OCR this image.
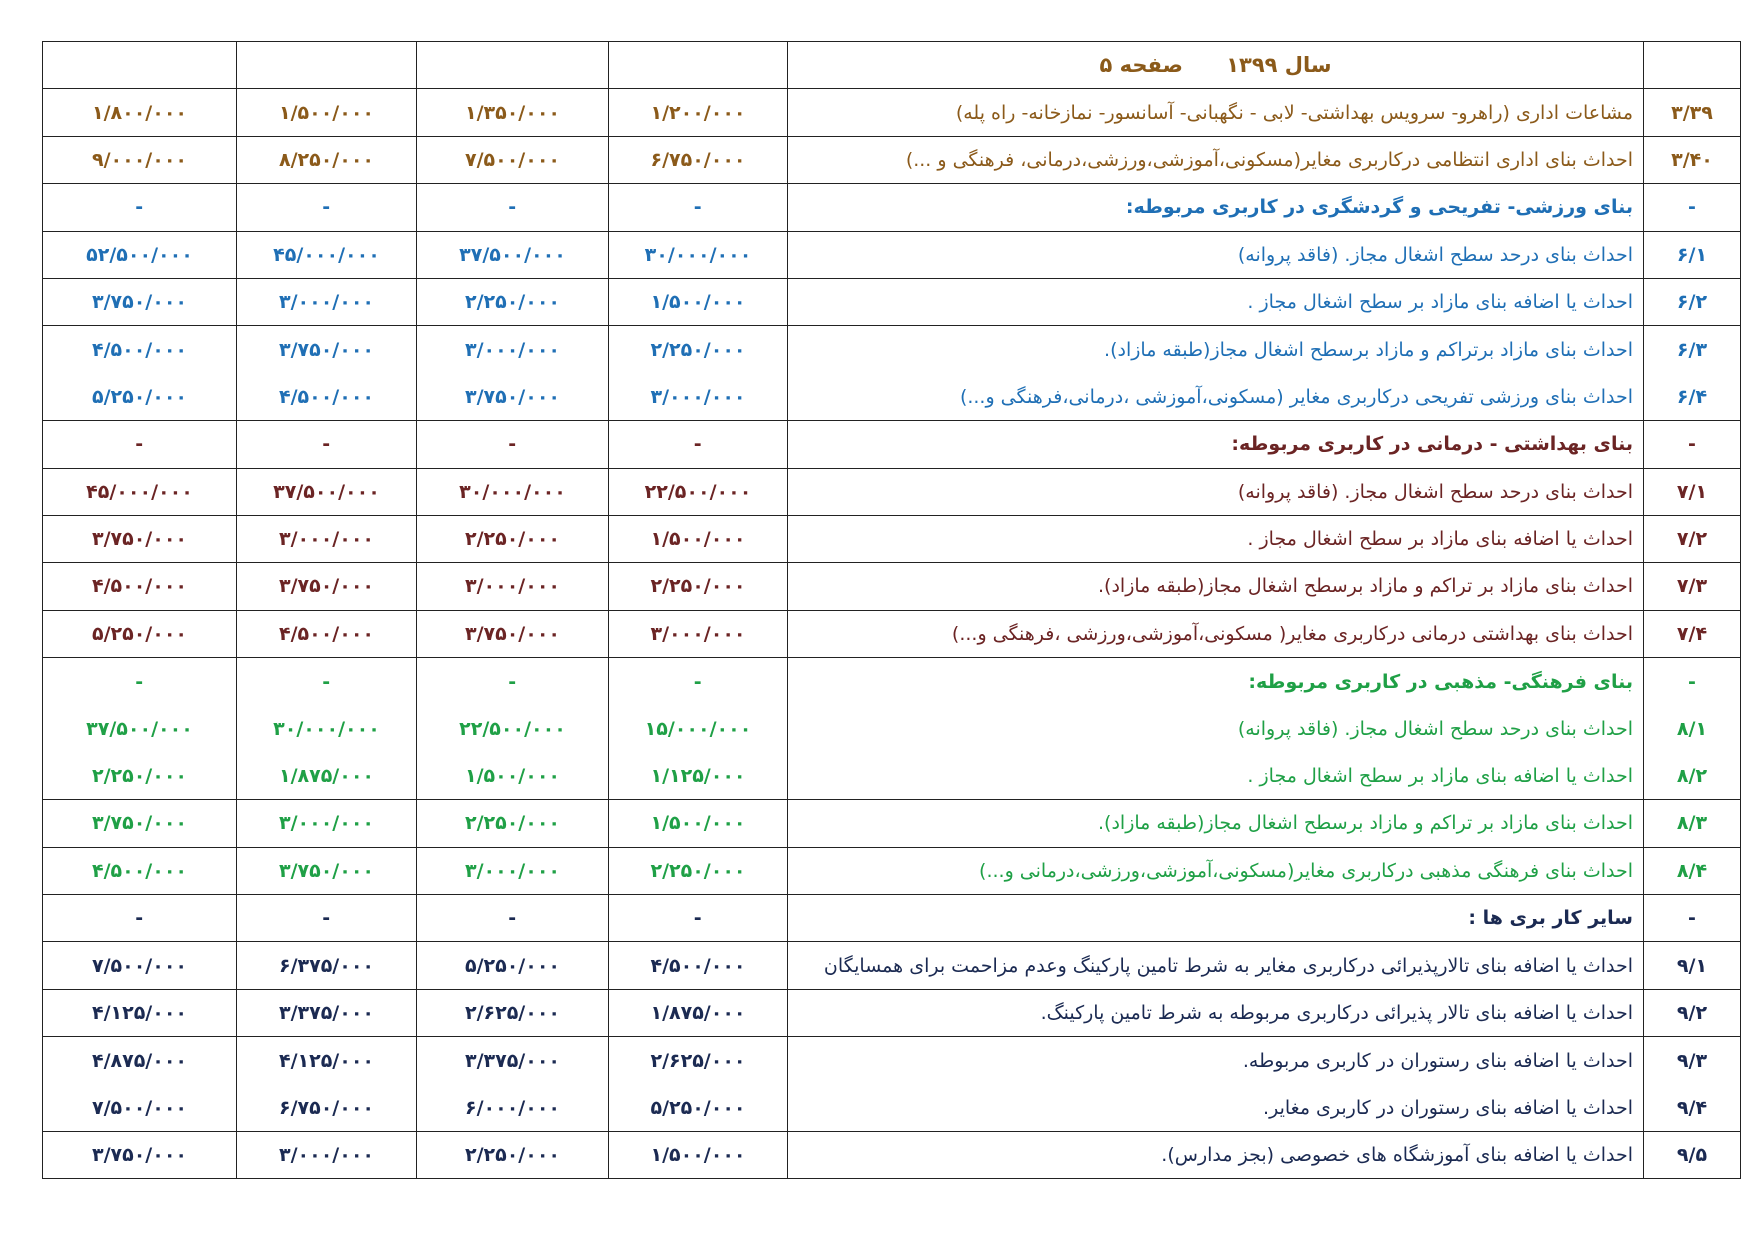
	سال ۱۳۹۹ صفحه ۵				
۳/۳۹	مشاعات اداری (راهرو- سرویس بهداشتی- لابی - نگهبانی- آسانسور- نمازخانه- راه پله)	۱/۲۰۰/۰۰۰	۱/۳۵۰/۰۰۰	۱/۵۰۰/۰۰۰	۱/۸۰۰/۰۰۰
۳/۴۰	احداث بنای اداری انتظامی درکاربری مغایر(مسکونی،آموزشی،ورزشی،درمانی، فرهنگی و ...)	۶/۷۵۰/۰۰۰	۷/۵۰۰/۰۰۰	۸/۲۵۰/۰۰۰	۹/۰۰۰/۰۰۰
-	بنای ورزشی- تفریحی و گردشگری در کاربری مربوطه:	-	-	-	-
۶/۱	احداث بنای درحد سطح اشغال مجاز. (فاقد پروانه)	۳۰/۰۰۰/۰۰۰	۳۷/۵۰۰/۰۰۰	۴۵/۰۰۰/۰۰۰	۵۲/۵۰۰/۰۰۰
۶/۲	احداث یا اضافه بنای مازاد بر سطح اشغال مجاز .	۱/۵۰۰/۰۰۰	۲/۲۵۰/۰۰۰	۳/۰۰۰/۰۰۰	۳/۷۵۰/۰۰۰
۶/۳	احداث بنای مازاد برتراکم و مازاد برسطح اشغال مجاز(طبقه مازاد).	۲/۲۵۰/۰۰۰	۳/۰۰۰/۰۰۰	۳/۷۵۰/۰۰۰	۴/۵۰۰/۰۰۰
۶/۴	احداث بنای ورزشی تفریحی درکاربری مغایر (مسکونی،آموزشی ،درمانی،فرهنگی و...)	۳/۰۰۰/۰۰۰	۳/۷۵۰/۰۰۰	۴/۵۰۰/۰۰۰	۵/۲۵۰/۰۰۰
-	بنای بهداشتی - درمانی در کاربری مربوطه:	-	-	-	-
۷/۱	احداث بنای درحد سطح اشغال مجاز. (فاقد پروانه)	۲۲/۵۰۰/۰۰۰	۳۰/۰۰۰/۰۰۰	۳۷/۵۰۰/۰۰۰	۴۵/۰۰۰/۰۰۰
۷/۲	احداث یا اضافه بنای مازاد بر سطح اشغال مجاز .	۱/۵۰۰/۰۰۰	۲/۲۵۰/۰۰۰	۳/۰۰۰/۰۰۰	۳/۷۵۰/۰۰۰
۷/۳	احداث بنای مازاد بر تراکم و مازاد برسطح اشغال مجاز(طبقه مازاد).	۲/۲۵۰/۰۰۰	۳/۰۰۰/۰۰۰	۳/۷۵۰/۰۰۰	۴/۵۰۰/۰۰۰
۷/۴	احداث بنای بهداشتی درمانی درکاربری مغایر( مسکونی،آموزشی،ورزشی ،فرهنگی و...)	۳/۰۰۰/۰۰۰	۳/۷۵۰/۰۰۰	۴/۵۰۰/۰۰۰	۵/۲۵۰/۰۰۰
-	بنای فرهنگی- مذهبی در کاربری مربوطه:	-	-	-	-
۸/۱	احداث بنای درحد سطح اشغال مجاز. (فاقد پروانه)	۱۵/۰۰۰/۰۰۰	۲۲/۵۰۰/۰۰۰	۳۰/۰۰۰/۰۰۰	۳۷/۵۰۰/۰۰۰
۸/۲	احداث یا اضافه بنای مازاد بر سطح اشغال مجاز .	۱/۱۲۵/۰۰۰	۱/۵۰۰/۰۰۰	۱/۸۷۵/۰۰۰	۲/۲۵۰/۰۰۰
۸/۳	احداث بنای مازاد بر تراکم و مازاد برسطح اشغال مجاز(طبقه مازاد).	۱/۵۰۰/۰۰۰	۲/۲۵۰/۰۰۰	۳/۰۰۰/۰۰۰	۳/۷۵۰/۰۰۰
۸/۴	احداث بنای فرهنگی مذهبی درکاربری مغایر(مسکونی،آموزشی،ورزشی،درمانی و...)	۲/۲۵۰/۰۰۰	۳/۰۰۰/۰۰۰	۳/۷۵۰/۰۰۰	۴/۵۰۰/۰۰۰
-	سایر کار بری ها :	-	-	-	-
۹/۱	احداث یا اضافه بنای تالارپذیرائی درکاربری مغایر به شرط تامین پارکینگ وعدم مزاحمت برای همسایگان	۴/۵۰۰/۰۰۰	۵/۲۵۰/۰۰۰	۶/۳۷۵/۰۰۰	۷/۵۰۰/۰۰۰
۹/۲	احداث یا اضافه بنای تالار پذیرائی درکاربری مربوطه به شرط تامین پارکینگ.	۱/۸۷۵/۰۰۰	۲/۶۲۵/۰۰۰	۳/۳۷۵/۰۰۰	۴/۱۲۵/۰۰۰
۹/۳	احداث یا اضافه بنای رستوران در کاربری مربوطه.	۲/۶۲۵/۰۰۰	۳/۳۷۵/۰۰۰	۴/۱۲۵/۰۰۰	۴/۸۷۵/۰۰۰
۹/۴	احداث یا اضافه بنای رستوران در کاربری مغایر.	۵/۲۵۰/۰۰۰	۶/۰۰۰/۰۰۰	۶/۷۵۰/۰۰۰	۷/۵۰۰/۰۰۰
۹/۵	احداث یا اضافه بنای آموزشگاه های خصوصی (بجز مدارس).	۱/۵۰۰/۰۰۰	۲/۲۵۰/۰۰۰	۳/۰۰۰/۰۰۰	۳/۷۵۰/۰۰۰
